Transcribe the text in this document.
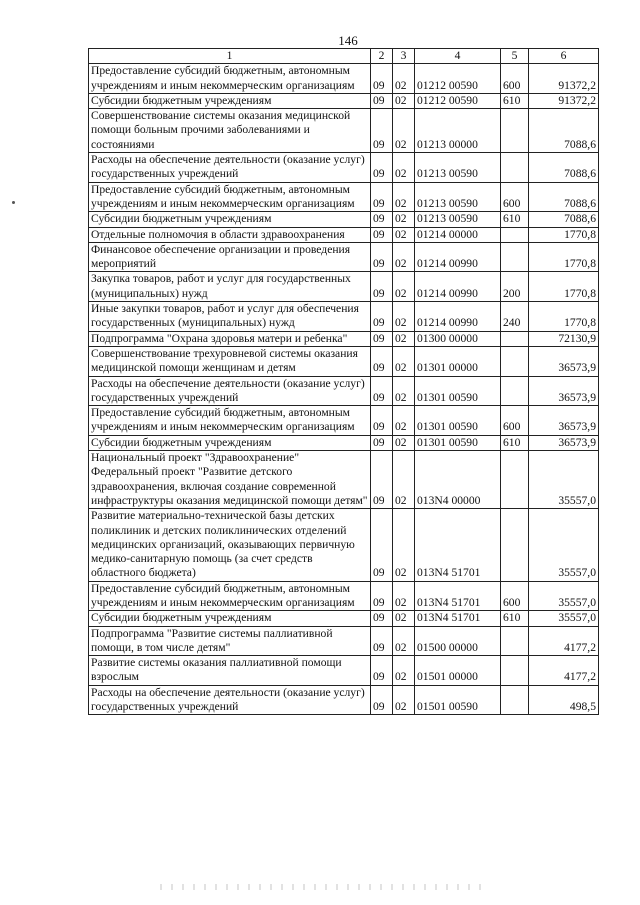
146
1	2	3	4	5	6
Предоставление субсидий бюджетным, автономным учреждениям и иным некоммерческим организациям	09	02	01212 00590	600	91372,2
Субсидии бюджетным учреждениям	09	02	01212 00590	610	91372,2
Совершенствование системы оказания медицинской помощи больным прочими заболеваниями и состояниями	09	02	01213 00000		7088,6
Расходы на обеспечение деятельности (оказание услуг) государственных учреждений	09	02	01213 00590		7088,6
Предоставление субсидий бюджетным, автономным учреждениям и иным некоммерческим организациям	09	02	01213 00590	600	7088,6
Субсидии бюджетным учреждениям	09	02	01213 00590	610	7088,6
Отдельные полномочия в области здравоохранения	09	02	01214 00000		1770,8
Финансовое обеспечение организации и проведения мероприятий	09	02	01214 00990		1770,8
Закупка товаров, работ и услуг для государственных (муниципальных) нужд	09	02	01214 00990	200	1770,8
Иные закупки товаров, работ и услуг для обеспечения государственных (муниципальных) нужд	09	02	01214 00990	240	1770,8
Подпрограмма "Охрана здоровья матери и ребенка"	09	02	01300 00000		72130,9
Совершенствование трехуровневой системы оказания медицинской помощи женщинам и детям	09	02	01301 00000		36573,9
Расходы на обеспечение деятельности (оказание услуг) государственных учреждений	09	02	01301 00590		36573,9
Предоставление субсидий бюджетным, автономным учреждениям и иным некоммерческим организациям	09	02	01301 00590	600	36573,9
Субсидии бюджетным учреждениям	09	02	01301 00590	610	36573,9
Национальный проект "Здравоохранение" Федеральный проект "Развитие детского здравоохранения, включая создание современной инфраструктуры оказания медицинской помощи детям"	09	02	013N4 00000		35557,0
Развитие материально-технической базы детских поликлиник и детских поликлинических отделений медицинских организаций, оказывающих первичную медико-санитарную помощь (за счет средств областного бюджета)	09	02	013N4 51701		35557,0
Предоставление субсидий бюджетным, автономным учреждениям и иным некоммерческим организациям	09	02	013N4 51701	600	35557,0
Субсидии бюджетным учреждениям	09	02	013N4 51701	610	35557,0
Подпрограмма "Развитие системы паллиативной помощи, в том числе детям"	09	02	01500 00000		4177,2
Развитие системы оказания паллиативной помощи взрослым	09	02	01501 00000		4177,2
Расходы на обеспечение деятельности (оказание услуг) государственных учреждений	09	02	01501 00590		498,5
